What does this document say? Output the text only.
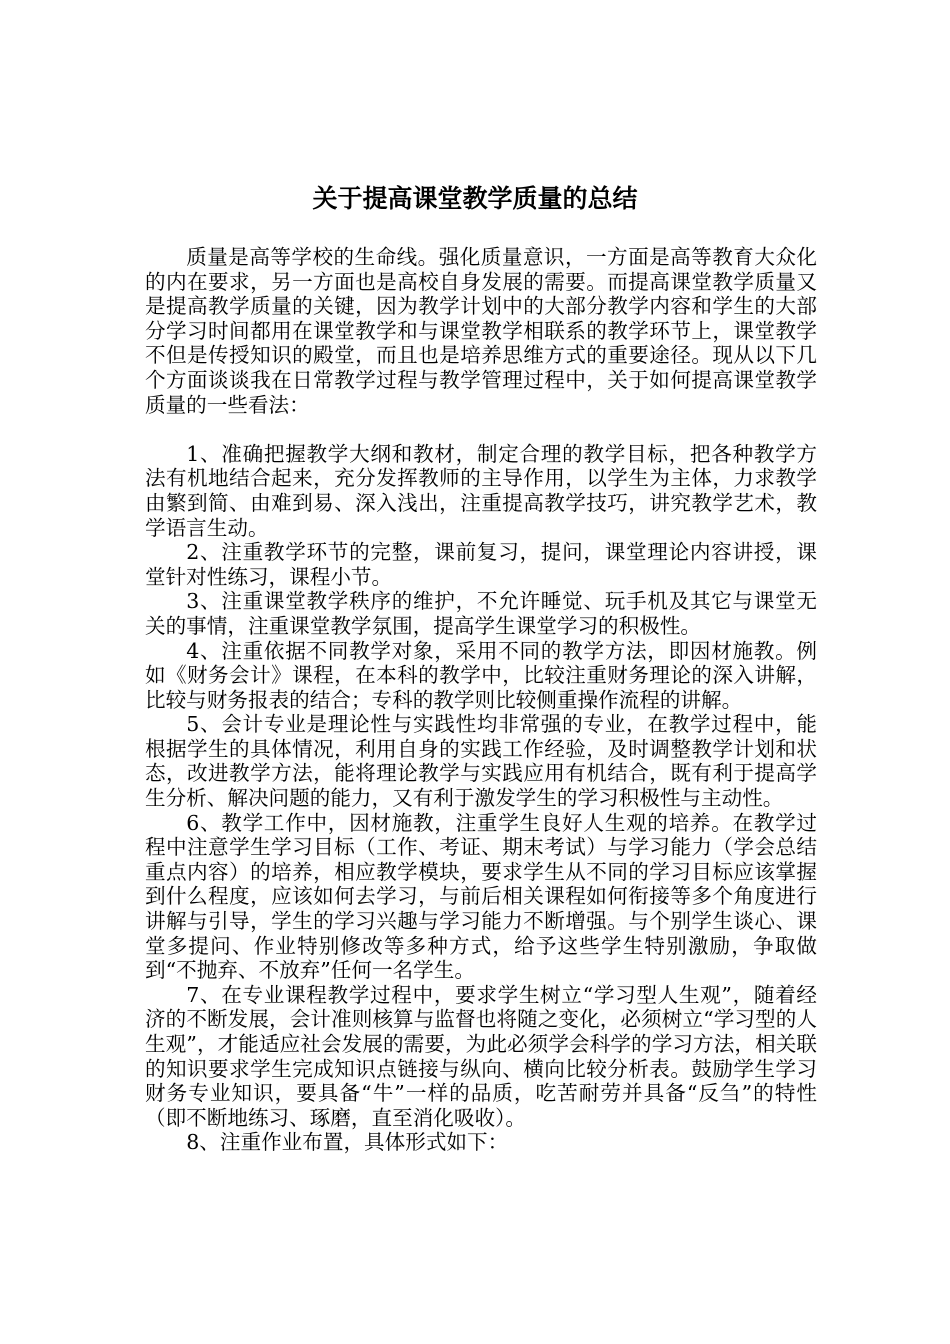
关于提高课堂教学质量的总结

质量是高等学校的生命线。强化质量意识，一方面是高等教育大众化的内在要求，另一方面也是高校自身发展的需要。而提高课堂教学质量又是提高教学质量的关键，因为教学计划中的大部分教学内容和学生的大部分学习时间都用在课堂教学和与课堂教学相联系的教学环节上，课堂教学不但是传授知识的殿堂，而且也是培养思维方式的重要途径。现从以下几个方面谈谈我在日常教学过程与教学管理过程中，关于如何提高课堂教学质量的一些看法：

1、准确把握教学大纲和教材，制定合理的教学目标，把各种教学方法有机地结合起来，充分发挥教师的主导作用，以学生为主体，力求教学由繁到简、由难到易、深入浅出，注重提高教学技巧，讲究教学艺术，教学语言生动。

2、注重教学环节的完整，课前复习，提问，课堂理论内容讲授，课堂针对性练习，课程小节。

3、注重课堂教学秩序的维护，不允许睡觉、玩手机及其它与课堂无关的事情，注重课堂教学氛围，提高学生课堂学习的积极性。

4、注重依据不同教学对象，采用不同的教学方法，即因材施教。例如《财务会计》课程，在本科的教学中，比较注重财务理论的深入讲解，比较与财务报表的结合；专科的教学则比较侧重操作流程的讲解。

5、会计专业是理论性与实践性均非常强的专业，在教学过程中，能根据学生的具体情况，利用自身的实践工作经验，及时调整教学计划和状态，改进教学方法，能将理论教学与实践应用有机结合，既有利于提高学生分析、解决问题的能力，又有利于激发学生的学习积极性与主动性。

6、教学工作中，因材施教，注重学生良好人生观的培养。在教学过程中注意学生学习目标（工作、考证、期末考试）与学习能力（学会总结重点内容）的培养，相应教学模块，要求学生从不同的学习目标应该掌握到什么程度，应该如何去学习，与前后相关课程如何衔接等多个角度进行讲解与引导，学生的学习兴趣与学习能力不断增强。与个别学生谈心、课堂多提问、作业特别修改等多种方式，给予这些学生特别激励，争取做到“不抛弃、不放弃”任何一名学生。

7、在专业课程教学过程中，要求学生树立“学习型人生观”，随着经济的不断发展，会计准则核算与监督也将随之变化，必须树立“学习型的人生观”，才能适应社会发展的需要，为此必须学会科学的学习方法，相关联的知识要求学生完成知识点链接与纵向、横向比较分析表。鼓励学生学习财务专业知识，要具备“牛”一样的品质，吃苦耐劳并具备“反刍”的特性（即不断地练习、琢磨，直至消化吸收）。

8、注重作业布置，具体形式如下：
